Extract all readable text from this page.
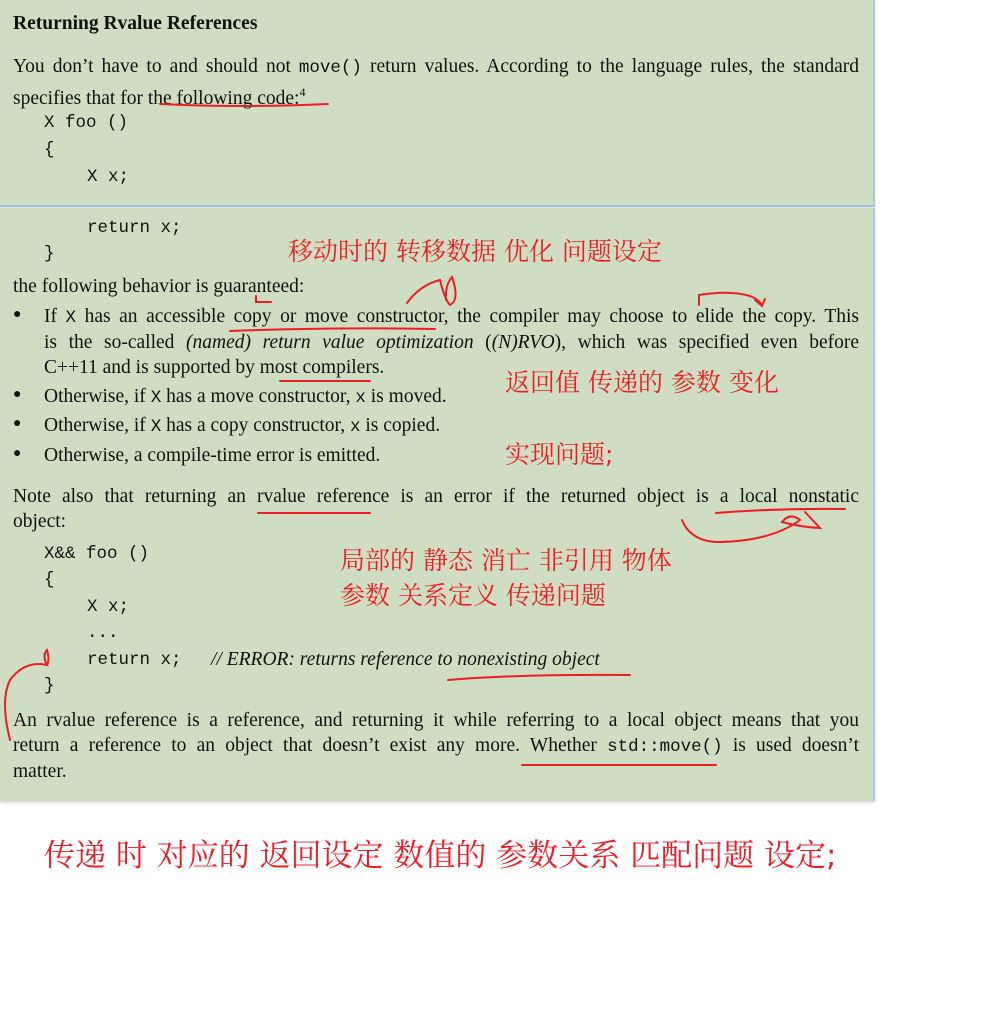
Returning Rvalue References
You don’t have to and should not move() return values. According to the language rules, the standard
specifies that for the following code:$^4$
X foo ()
{
X x;
return x;
}
the following behavior is guaranteed:
● If X has an accessible copy or move constructor, the compiler may choose to elide the copy. This
is the so-called (named) return value optimization ((N)RVO), which was specified even before
C++11 and is supported by most compilers.
● Otherwise, if X has a move constructor, x is moved.
● Otherwise, if X has a copy constructor, x is copied.
● Otherwise, a compile-time error is emitted.
Note also that returning an rvalue reference is an error if the returned object is a local nonstatic
object:
X&& foo ()
{
X x;
...
return x; // ERROR: returns reference to nonexisting object
}
An rvalue reference is a reference, and returning it while referring to a local object means that you
return a reference to an object that doesn’t exist any more. Whether std::move() is used doesn’t
matter.
移动时的 转移数据 优化 问题设定
返回值 传递的 参数 变化
实现问题;
局部的 静态 消亡 非引用 物体
参数 关系定义 传递问题
传递 时 对应的 返回设定 数值的 参数关系 匹配问题 设定;
